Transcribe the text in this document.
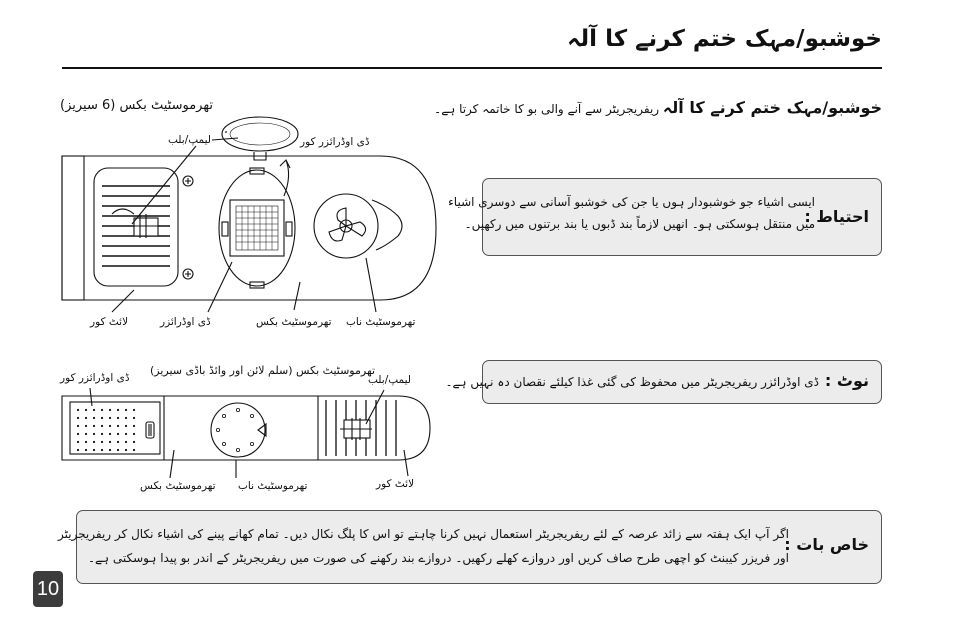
خوشبو/مہک ختم کرنے کا آلہ
خوشبو/مہک ختم کرنے کا آلہ ریفریجریٹر سے آنے والی بو کا خاتمہ کرتا ہے۔
تھرموسٹیٹ بکس (6 سیریز)
لیمپ/بلب	ڈی اوڈرائزر کور
لائٹ کور	ڈی اوڈرائزر	تھرموسٹیٹ بکس تھرموسٹیٹ ناب
ڈی اوڈرائزر کور
تھرموسٹیٹ بکس (سلم لائن اور وائڈ باڈی سیریز)
لیمپ/بلب
تھرموسٹیٹ بکس تھرموسٹیٹ ناب	لائٹ کور
احتیاط :
ایسی اشیاء جو خوشبودار ہوں یا جن کی خوشبو آسانی سے دوسری اشیاء
میں منتقل ہوسکتی ہو۔ انھیں لازماً بند ڈبوں یا بند برتنوں میں رکھیں۔
نوٹ :
ڈی اوڈرائزر ریفریجریٹر میں محفوظ کی گئی غذا کیلئے نقصان دہ نہیں ہے۔
خاص بات :
اگر آپ ایک ہفتہ سے زائد عرصہ کے لئے ریفریجریٹر استعمال نہیں کرنا چاہتے تو اس کا پلگ نکال دیں۔ تمام کھانے پینے کی اشیاء نکال کر ریفریجریٹر
اور فریزر کیبنٹ کو اچھی طرح صاف کریں اور دروازے کھلے رکھیں۔ دروازے بند رکھنے کی صورت میں ریفریجریٹر کے اندر بو پیدا ہوسکتی ہے۔
10
